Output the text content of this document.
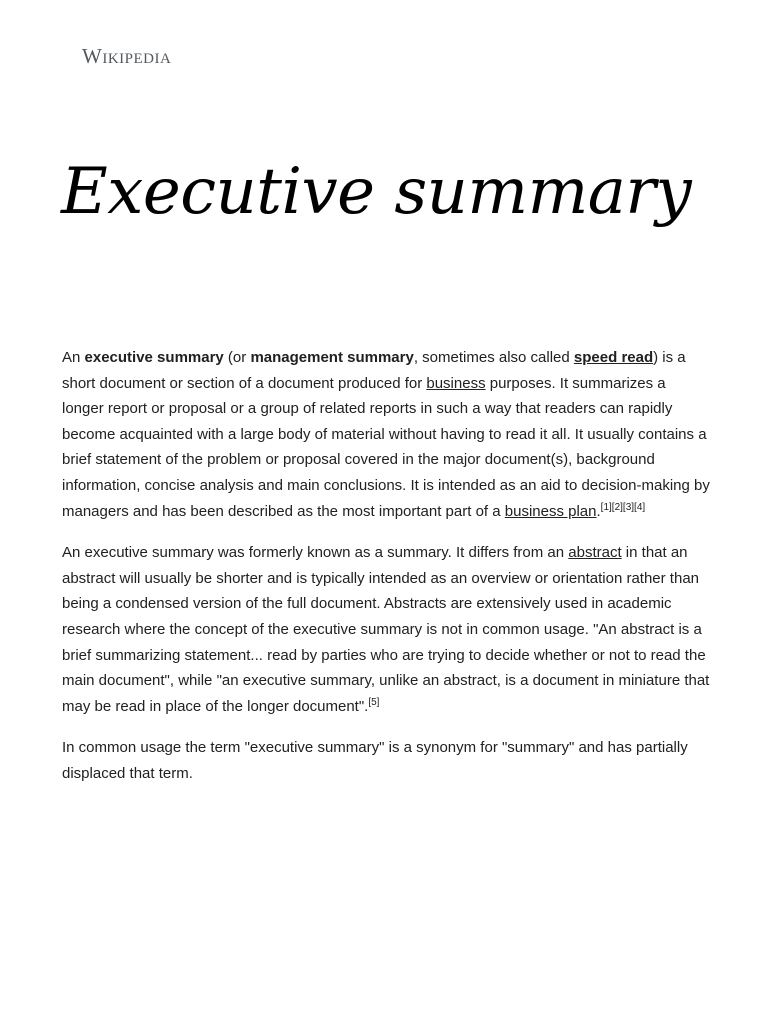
Wikipedia
Executive summary

An executive summary (or management summary, sometimes also called speed read) is a short document or section of a document produced for business purposes. It summarizes a longer report or proposal or a group of related reports in such a way that readers can rapidly become acquainted with a large body of material without having to read it all. It usually contains a brief statement of the problem or proposal covered in the major document(s), background information, concise analysis and main conclusions. It is intended as an aid to decision-making by managers and has been described as the most important part of a business plan.[1][2][3][4]

An executive summary was formerly known as a summary. It differs from an abstract in that an abstract will usually be shorter and is typically intended as an overview or orientation rather than being a condensed version of the full document. Abstracts are extensively used in academic research where the concept of the executive summary is not in common usage. "An abstract is a brief summarizing statement... read by parties who are trying to decide whether or not to read the main document", while "an executive summary, unlike an abstract, is a document in miniature that may be read in place of the longer document".[5]

In common usage the term "executive summary" is a synonym for "summary" and has partially displaced that term.
